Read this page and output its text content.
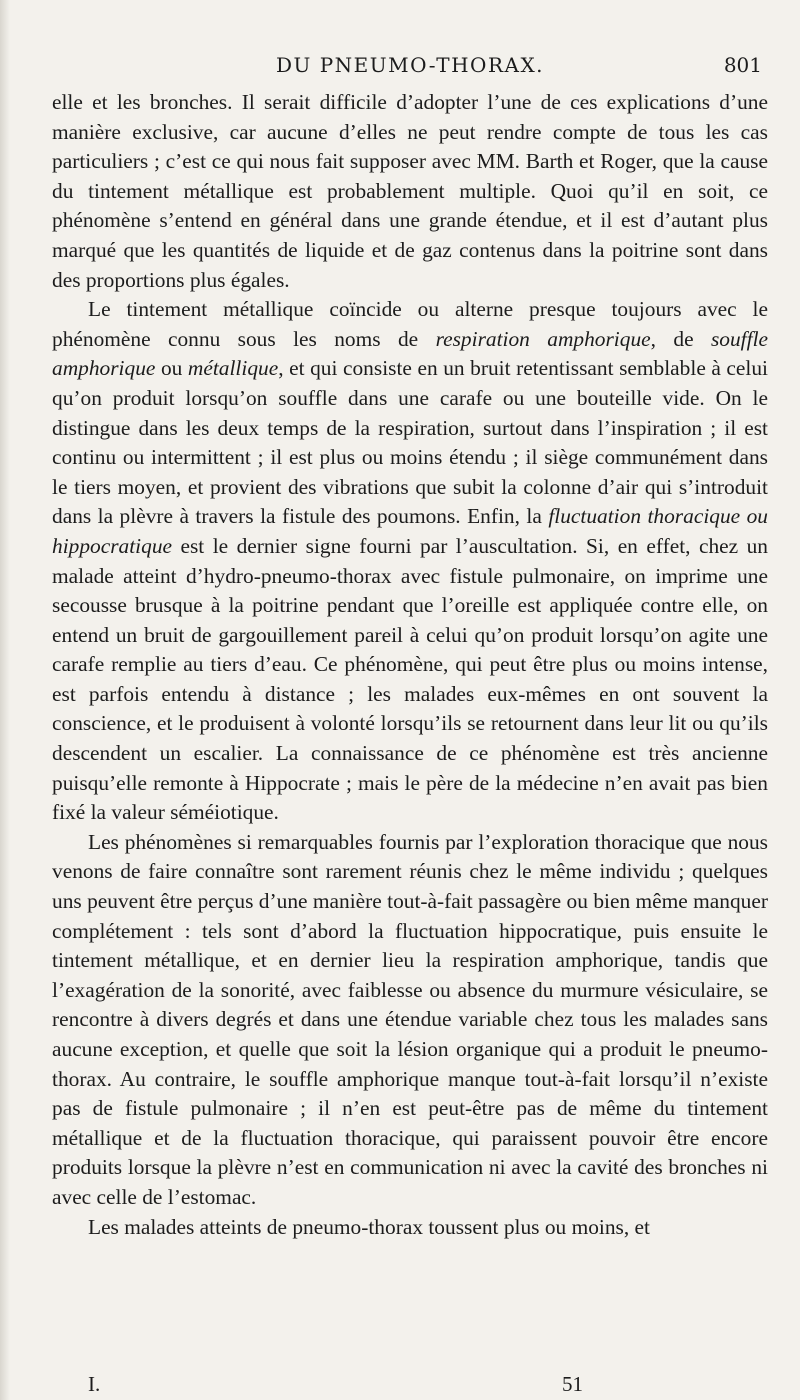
DU PNEUMO-THORAX.	801

elle et les bronches. Il serait difficile d’adopter l’une de ces explications d’une manière exclusive, car aucune d’elles ne peut rendre compte de tous les cas particuliers ; c’est ce qui nous fait supposer avec MM. Barth et Roger, que la cause du tintement métallique est probablement multiple. Quoi qu’il en soit, ce phénomène s’entend en général dans une grande étendue, et il est d’autant plus marqué que les quantités de liquide et de gaz contenus dans la poitrine sont dans des proportions plus égales.

Le tintement métallique coïncide ou alterne presque toujours avec le phénomène connu sous les noms de respiration amphorique, de souffle amphorique ou métallique, et qui consiste en un bruit retentissant semblable à celui qu’on produit lorsqu’on souffle dans une carafe ou une bouteille vide. On le distingue dans les deux temps de la respiration, surtout dans l’inspiration ; il est continu ou intermittent ; il est plus ou moins étendu ; il siège communément dans le tiers moyen, et provient des vibrations que subit la colonne d’air qui s’introduit dans la plèvre à travers la fistule des poumons. Enfin, la fluctuation thoracique ou hippocratique est le dernier signe fourni par l’auscultation. Si, en effet, chez un malade atteint d’hydro-pneumo-thorax avec fistule pulmonaire, on imprime une secousse brusque à la poitrine pendant que l’oreille est appliquée contre elle, on entend un bruit de gargouillement pareil à celui qu’on produit lorsqu’on agite une carafe remplie au tiers d’eau. Ce phénomène, qui peut être plus ou moins intense, est parfois entendu à distance ; les malades eux-mêmes en ont souvent la conscience, et le produisent à volonté lorsqu’ils se retournent dans leur lit ou qu’ils descendent un escalier. La connaissance de ce phénomène est très ancienne puisqu’elle remonte à Hippocrate ; mais le père de la médecine n’en avait pas bien fixé la valeur séméiotique.

Les phénomènes si remarquables fournis par l’exploration thoracique que nous venons de faire connaître sont rarement réunis chez le même individu ; quelques uns peuvent être perçus d’une manière tout-à-fait passagère ou bien même manquer complétement : tels sont d’abord la fluctuation hippocratique, puis ensuite le tintement métallique, et en dernier lieu la respiration amphorique, tandis que l’exagération de la sonorité, avec faiblesse ou absence du murmure vésiculaire, se rencontre à divers degrés et dans une étendue variable chez tous les malades sans aucune exception, et quelle que soit la lésion organique qui a produit le pneumo-thorax. Au contraire, le souffle amphorique manque tout-à-fait lorsqu’il n’existe pas de fistule pulmonaire ; il n’en est peut-être pas de même du tintement métallique et de la fluctuation thoracique, qui paraissent pouvoir être encore produits lorsque la plèvre n’est en communication ni avec la cavité des bronches ni avec celle de l’estomac.

Les malades atteints de pneumo-thorax toussent plus ou moins, et

I.	51
